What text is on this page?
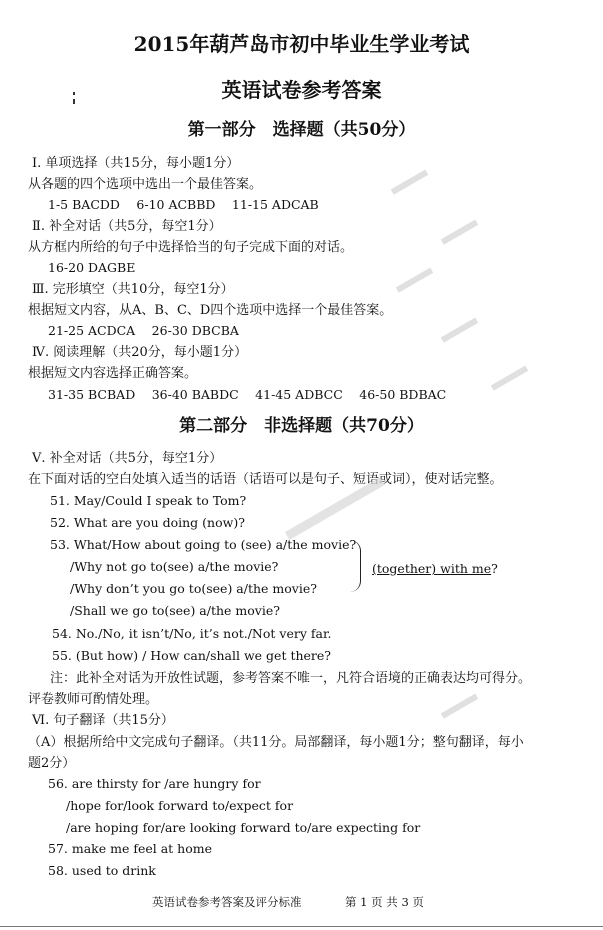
2015年葫芦岛市初中毕业生学业考试
英语试卷参考答案
第一部分　选择题（共50分）
Ⅰ. 单项选择（共15分，每小题1分）
从各题的四个选项中选出一个最佳答案。
1-5 BACDD　 6-10 ACBBD　 11-15 ADCAB
Ⅱ. 补全对话（共5分，每空1分）
从方框内所给的句子中选择恰当的句子完成下面的对话。
16-20 DAGBE
Ⅲ. 完形填空（共10分，每空1分）
根据短文内容，从A、B、C、D四个选项中选择一个最佳答案。
21-25 ACDCA　 26-30 DBCBA
Ⅳ. 阅读理解（共20分，每小题1分）
根据短文内容选择正确答案。
31-35 BCBAD　 36-40 BABDC　 41-45 ADBCC　 46-50 BDBAC
第二部分　非选择题（共70分）
Ⅴ. 补全对话（共5分，每空1分）
在下面对话的空白处填入适当的话语（话语可以是句子、短语或词），使对话完整。
51. May/Could I speak to Tom?
52. What are you doing (now)?
53. What/How about going to (see) a/the movie?
/Why not go to(see) a/the movie?
/Why don’t you go to(see) a/the movie?
/Shall we go to(see) a/the movie?
(together) with me?
54. No./No, it isn’t/No, it’s not./Not very far.
55. (But how) / How can/shall we get there?
注：此补全对话为开放性试题，参考答案不唯一，凡符合语境的正确表达均可得分。
评卷教师可酌情处理。
Ⅵ. 句子翻译（共15分）
（A）根据所给中文完成句子翻译。（共11分。局部翻译，每小题1分；整句翻译，每小
题2分）
56. are thirsty for /are hungry for
/hope for/look forward to/expect for
/are hoping for/are looking forward to/are expecting for
57. make me feel at home
58. used to drink
英语试卷参考答案及评分标准	第 1 页 共 3 页
